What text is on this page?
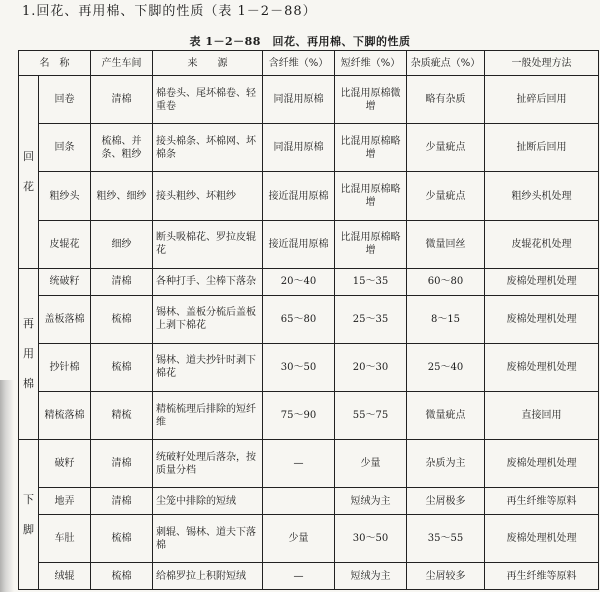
1.回花、再用棉、下脚的性质（表 1－2－88）
表 1－2－88　回花、再用棉、下脚的性质
名　称		产生车间	来　　源	含纤维（%）	短纤维（%）	杂质疵点（%）	一般处理方法
回
花	回卷	清棉	棉卷头、尾坏棉卷、轻重卷	同混用原棉	比混用原棉微增	略有杂质	扯碎后回用
	回条	梳棉、并条、粗纱	接头棉条、坏棉网、坏棉条	同混用原棉	比混用原棉略增	少量疵点	扯断后回用
	粗纱头	粗纱、细纱	接头粗纱、坏粗纱	接近混用原棉	比混用原棉略增	少量疵点	粗纱头机处理
	皮辊花	细纱	断头吸棉花、罗拉皮辊花	接近混用原棉	比混用原棉略增	微量回丝	皮辊花机处理
再
用
棉	统破籽	清棉	各种打手、尘棒下落杂	20～40	15～35	60～80	废棉处理机处理
	盖板落棉	梳棉	锡林、盖板分梳后盖板上剥下棉花	65～80	25～35	8～15	废棉处理机处理
	抄针棉	梳棉	锡林、道夫抄针时剥下棉花	30～50	20～30	25～40	废棉处理机处理
	精梳落棉	精梳	精梳梳理后排除的短纤维	75～90	55～75	微量疵点	直接回用
下
脚	破籽	清棉	统破籽处理后落杂，按质量分档	—	少量	杂质为主	废棉处理机处理
	地弄	清棉	尘笼中排除的短绒		短绒为主	尘屑极多	再生纤维等原料
	车肚	梳棉	刺辊、锡林、道夫下落棉	少量	30～50	35～55	废棉处理机处理
	绒辊	梳棉	给棉罗拉上积附短绒	—	短绒为主	尘屑较多	再生纤维等原料
